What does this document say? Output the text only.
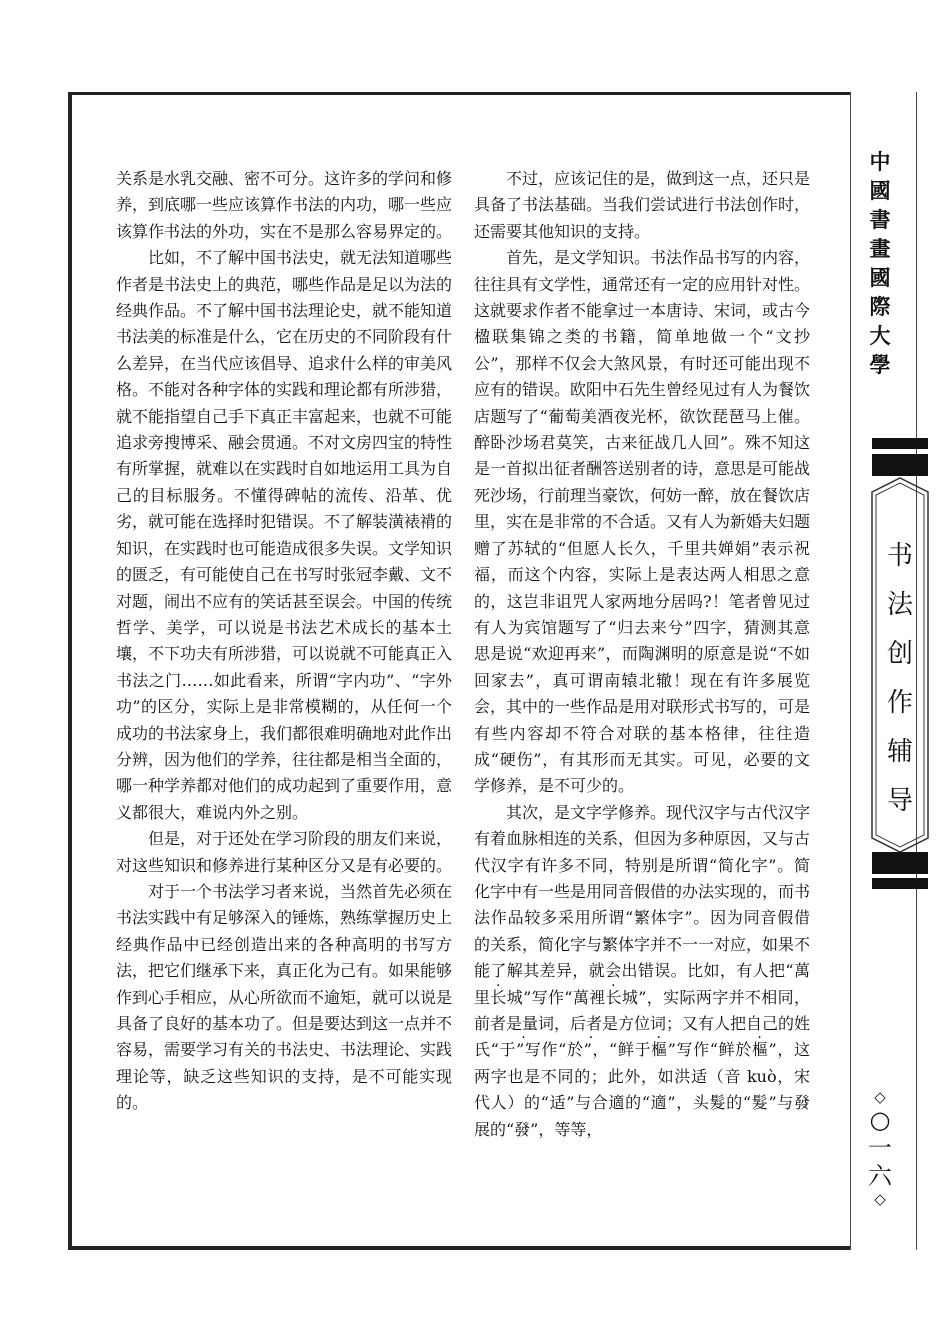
关系是水乳交融、密不可分。这许多的学问和修养，到底哪一些应该算作书法的内功，哪一些应该算作书法的外功，实在不是那么容易界定的。

比如，不了解中国书法史，就无法知道哪些作者是书法史上的典范，哪些作品是足以为法的经典作品。不了解中国书法理论史，就不能知道书法美的标准是什么，它在历史的不同阶段有什么差异，在当代应该倡导、追求什么样的审美风格。不能对各种字体的实践和理论都有所涉猎，就不能指望自己手下真正丰富起来，也就不可能追求旁搜博采、融会贯通。不对文房四宝的特性有所掌握，就难以在实践时自如地运用工具为自己的目标服务。不懂得碑帖的流传、沿革、优劣，就可能在选择时犯错误。不了解装潢裱褙的知识，在实践时也可能造成很多失误。文学知识的匮乏，有可能使自己在书写时张冠李戴、文不对题，闹出不应有的笑话甚至误会。中国的传统哲学、美学，可以说是书法艺术成长的基本土壤，不下功夫有所涉猎，可以说就不可能真正入书法之门……如此看来，所谓“字内功”、“字外功”的区分，实际上是非常模糊的，从任何一个成功的书法家身上，我们都很难明确地对此作出分辨，因为他们的学养，往往都是相当全面的，哪一种学养都对他们的成功起到了重要作用，意义都很大，难说内外之别。

但是，对于还处在学习阶段的朋友们来说，对这些知识和修养进行某种区分又是有必要的。

对于一个书法学习者来说，当然首先必须在书法实践中有足够深入的锤炼，熟练掌握历史上经典作品中已经创造出来的各种高明的书写方法，把它们继承下来，真正化为己有。如果能够作到心手相应，从心所欲而不逾矩，就可以说是具备了良好的基本功了。但是要达到这一点并不容易，需要学习有关的书法史、书法理论、实践理论等，缺乏这些知识的支持，是不可能实现的。

不过，应该记住的是，做到这一点，还只是具备了书法基础。当我们尝试进行书法创作时，还需要其他知识的支持。

首先，是文学知识。书法作品书写的内容，往往具有文学性，通常还有一定的应用针对性。这就要求作者不能拿过一本唐诗、宋词，或古今楹联集锦之类的书籍，简单地做一个“文抄公”，那样不仅会大煞风景，有时还可能出现不应有的错误。欧阳中石先生曾经见过有人为餐饮店题写了“葡萄美酒夜光杯，欲饮琵琶马上催。醉卧沙场君莫笑，古来征战几人回”。殊不知这是一首拟出征者酬答送别者的诗，意思是可能战死沙场，行前理当豪饮，何妨一醉，放在餐饮店里，实在是非常的不合适。又有人为新婚夫妇题赠了苏轼的“但愿人长久，千里共婵娟”表示祝福，而这个内容，实际上是表达两人相思之意的，这岂非诅咒人家两地分居吗?！笔者曾见过有人为宾馆题写了“归去来兮”四字，猜测其意思是说“欢迎再来”，而陶渊明的原意是说“不如回家去”，真可谓南辕北辙！现在有许多展览会，其中的一些作品是用对联形式书写的，可是有些内容却不符合对联的基本格律，往往造成“硬伤”，有其形而无其实。可见，必要的文学修养，是不可少的。

其次，是文字学修养。现代汉字与古代汉字有着血脉相连的关系，但因为多种原因，又与古代汉字有许多不同，特别是所谓“简化字”。简化字中有一些是用同音假借的办法实现的，而书法作品较多采用所谓“繁体字”。因为同音假借的关系，简化字与繁体字并不一一对应，如果不能了解其差异，就会出错误。比如，有人把“萬里长城”写作“萬裡长城”，实际两字并不相同，前者是量词，后者是方位词；又有人把自己的姓氏“于”写作“於”，“鲜于樞”写作“鲜於樞”，这两字也是不同的；此外，如洪适（音 kuò，宋代人）的“适”与合適的“適”，头髮的“髮”与發展的“發”，等等，

中
國
書
畫
國
際
大
學
书
法
创
作
辅
导
◇
○
一
六
◇
